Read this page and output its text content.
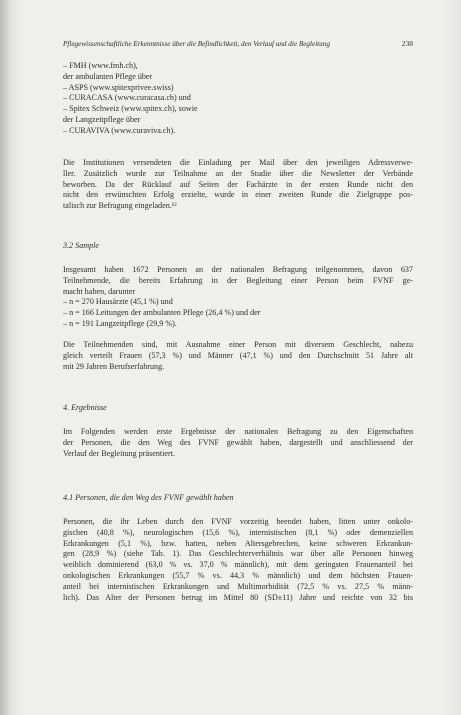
Pflegewissenschaftliche Erkenntnisse über die Befindlichkeit, den Verlauf und die Begleitung	238
– FMH (www.fmh.ch),
der ambulanten Pflege über
– ASPS (www.spitexprivee.swiss)
– CURACASA (www.curacasa.ch) und
– Spitex Schweiz (www.spitex.ch), sowie
der Langzeitpflege über
– CURAVIVA (www.curaviva.ch).
Die Institutionen versendeten die Einladung per Mail über den jeweiligen Adressverwe-
ller. Zusätzlich wurde zur Teilnahme an der Studie über die Newsletter der Verbände
beworben. Da der Rücklauf auf Seiten der Fachärzte in der ersten Runde nicht den
nicht den erwünschten Erfolg erzielte, wurde in einer zweiten Runde die Zielgruppe pos-
talisch zur Befragung eingeladen.¹²
3.2 Sample
Insgesamt haben 1672 Personen an der nationalen Befragung teilgenommen, davon 637
Teilnehmende, die bereits Erfahrung in der Begleitung einer Person beim FVNF ge-
macht haben, darunter
– n = 270 Hausärzte (45,1 %) und
– n = 166 Leitungen der ambulanten Pflege (26,4 %) und der
– n = 191 Langzeitpflege (29,9 %).
Die Teilnehmenden sind, mit Ausnahme einer Person mit diversem Geschlecht, nahezu
gleich verteilt Frauen (57,3 %) und Männer (47,1 %) und den Durchschnitt 51 Jahre alt
mit 29 Jahren Berufserfahrung.
4. Ergebnisse
Im Folgenden werden erste Ergebnisse der nationalen Befragung zu den Eigenschaften
der Personen, die den Weg des FVNF gewählt haben, dargestellt und anschliessend der
Verlauf der Begleitung präsentiert.
4.1 Personen, die den Weg des FVNF gewählt haben
Personen, die ihr Leben durch den FVNF vorzeitig beendet haben, litten unter onkolo-
gischen (40,8 %), neurologischen (15,6 %), internistischen (8,1 %) oder demenziellen
Erkrankungen (5,1 %), bzw. hatten, neben Altersgebrechen, keine schweren Erkrankun-
gen (28,9 %) (siehe Tab. 1). Das Geschlechterverhältnis war über alle Personen hinweg
weiblich dominierend (63,0 % vs. 37,0 % männlich), mit dem geringsten Frauenanteil bei
onkologischen Erkrankungen (55,7 % vs. 44,3 % männlich) und dem höchsten Frauen-
anteil bei internistischen Erkrankungen und Multimorbidität (72,5 % vs. 27,5 % männ-
lich). Das Alter der Personen betrug im Mittel 80 (SD±11) Jahre und reichte von 32 bis
